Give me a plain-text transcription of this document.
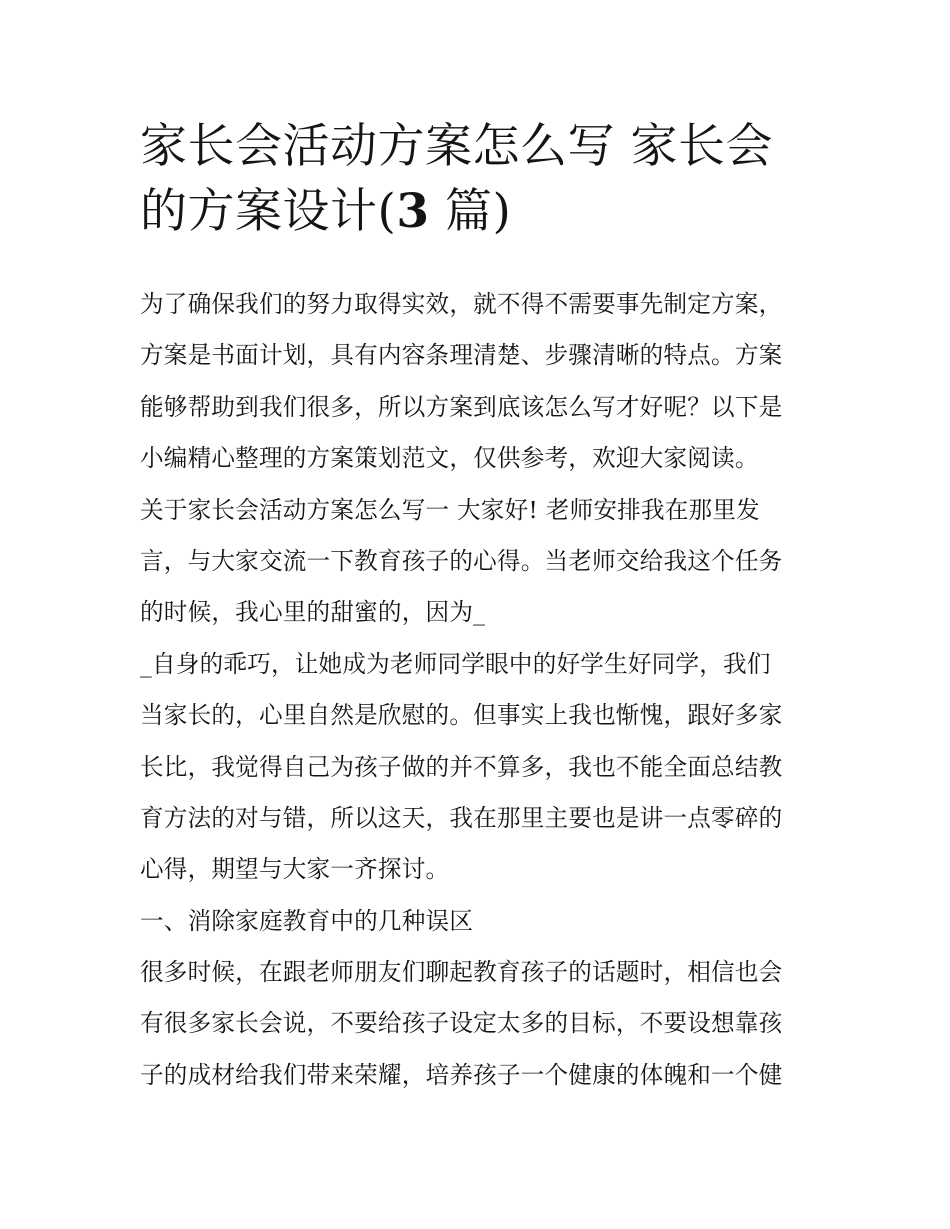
家长会活动方案怎么写 家长会
的方案设计(3 篇)
为了确保我们的努力取得实效，就不得不需要事先制定方案，
方案是书面计划，具有内容条理清楚、步骤清晰的特点。方案
能够帮助到我们很多，所以方案到底该怎么写才好呢？以下是
小编精心整理的方案策划范文，仅供参考，欢迎大家阅读。
关于家长会活动方案怎么写一 大家好! 老师安排我在那里发
言，与大家交流一下教育孩子的心得。当老师交给我这个任务
的时候，我心里的甜蜜的，因为_
_自身的乖巧，让她成为老师同学眼中的好学生好同学，我们
当家长的，心里自然是欣慰的。但事实上我也惭愧，跟好多家
长比，我觉得自己为孩子做的并不算多，我也不能全面总结教
育方法的对与错，所以这天，我在那里主要也是讲一点零碎的
心得，期望与大家一齐探讨。
一、消除家庭教育中的几种误区
很多时候，在跟老师朋友们聊起教育孩子的话题时，相信也会
有很多家长会说，不要给孩子设定太多的目标，不要设想靠孩
子的成材给我们带来荣耀，培养孩子一个健康的体魄和一个健
